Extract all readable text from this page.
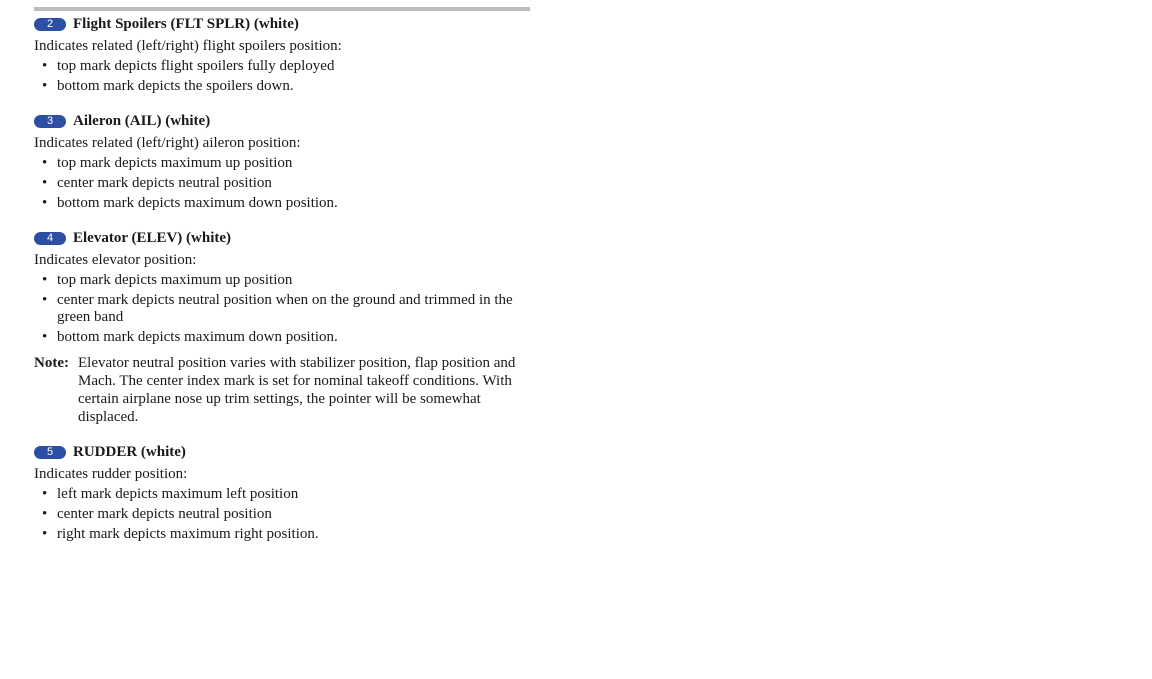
2	Flight Spoilers (FLT SPLR) (white)
Indicates related (left/right) flight spoilers position:
• top mark depicts flight spoilers fully deployed
• bottom mark depicts the spoilers down.
3	Aileron (AIL) (white)
Indicates related (left/right) aileron position:
• top mark depicts maximum up position
• center mark depicts neutral position
• bottom mark depicts maximum down position.
4	Elevator (ELEV) (white)
Indicates elevator position:
• top mark depicts maximum up position
• center mark depicts neutral position when on the ground and trimmed in the green band
• bottom mark depicts maximum down position.
Note: Elevator neutral position varies with stabilizer position, flap position and Mach. The center index mark is set for nominal takeoff conditions. With certain airplane nose up trim settings, the pointer will be somewhat displaced.
5	RUDDER (white)
Indicates rudder position:
• left mark depicts maximum left position
• center mark depicts neutral position
• right mark depicts maximum right position.
